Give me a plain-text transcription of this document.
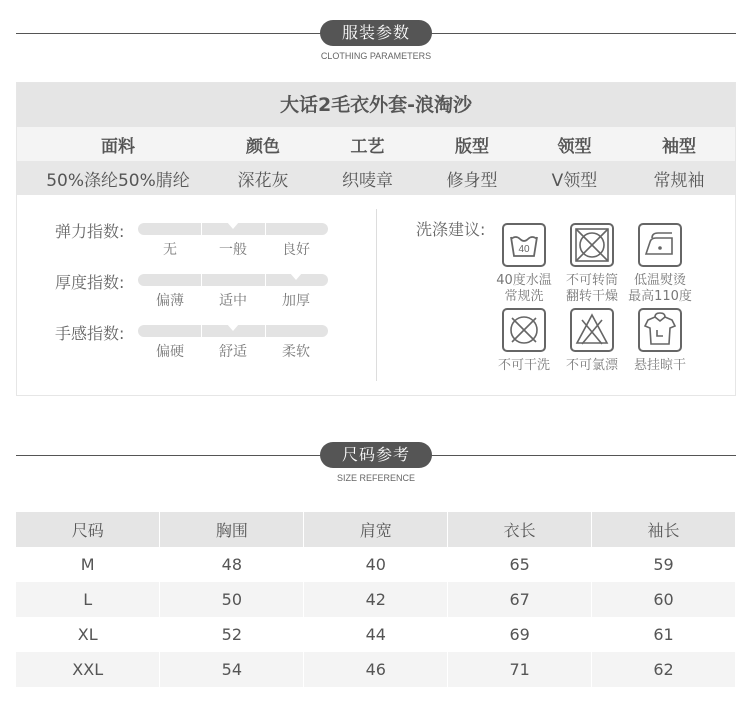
服装参数
CLOTHING PARAMETERS
大话2毛衣外套-浪淘沙
面料	颜色	工艺	版型	领型	袖型
50%涤纶50%腈纶	深花灰	织唛章	修身型	V领型	常规袖
弹力指数:
无	一般	良好
厚度指数:
偏薄	适中	加厚
手感指数:
偏硬	舒适	柔软
洗涤建议:
40
40度水温
常规洗
不可转筒
翻转干燥
低温熨烫
最高110度
不可干洗	不可氯漂	悬挂晾干
尺码参考
SIZE REFERENCE
尺码	胸围	肩宽	衣长	袖长
M	48	40	65	59
L	50	42	67	60
XL	52	44	69	61
XXL	54	46	71	62
